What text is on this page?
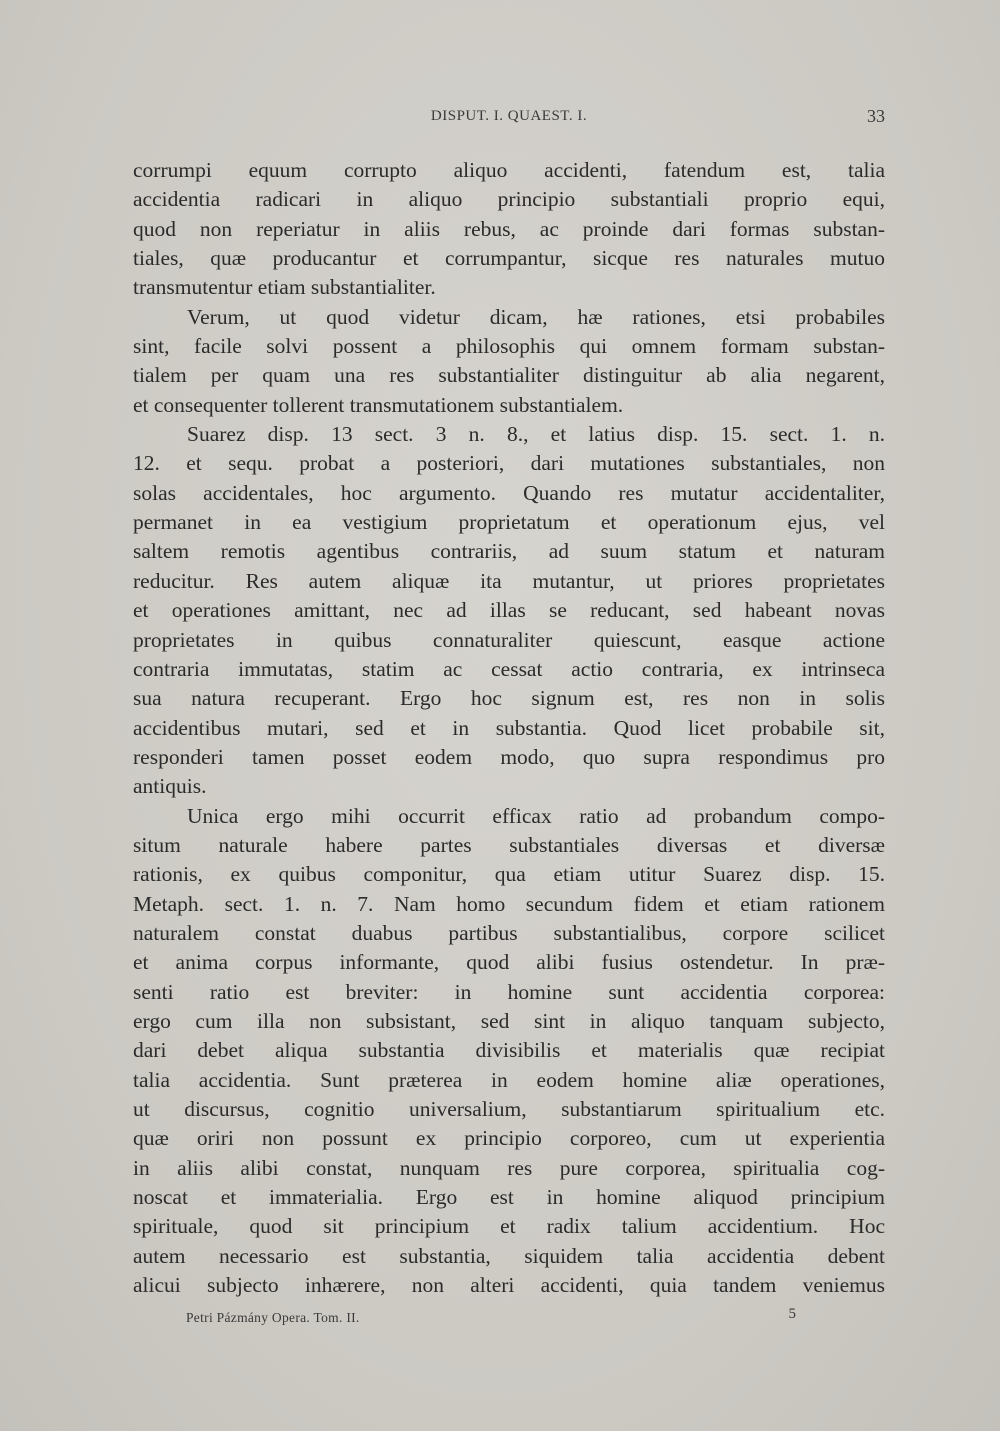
DISPUT. I. QUAEST. I.	33
corrumpi equum corrupto aliquo accidenti, fatendum est, talia
accidentia radicari in aliquo principio substantiali proprio equi,
quod non reperiatur in aliis rebus, ac proinde dari formas substan-
tiales, quæ producantur et corrumpantur, sicque res naturales mutuo
transmutentur etiam substantialiter.
Verum, ut quod videtur dicam, hæ rationes, etsi probabiles
sint, facile solvi possent a philosophis qui omnem formam substan-
tialem per quam una res substantialiter distinguitur ab alia negarent,
et consequenter tollerent transmutationem substantialem.
Suarez disp. 13 sect. 3 n. 8., et latius disp. 15. sect. 1. n.
12. et sequ. probat a posteriori, dari mutationes substantiales, non
solas accidentales, hoc argumento. Quando res mutatur accidentaliter,
permanet in ea vestigium proprietatum et operationum ejus, vel
saltem remotis agentibus contrariis, ad suum statum et naturam
reducitur. Res autem aliquæ ita mutantur, ut priores proprietates
et operationes amittant, nec ad illas se reducant, sed habeant novas
proprietates in quibus connaturaliter quiescunt, easque actione
contraria immutatas, statim ac cessat actio contraria, ex intrinseca
sua natura recuperant. Ergo hoc signum est, res non in solis
accidentibus mutari, sed et in substantia. Quod licet probabile sit,
responderi tamen posset eodem modo, quo supra respondimus pro
antiquis.
Unica ergo mihi occurrit efficax ratio ad probandum compo-
situm naturale habere partes substantiales diversas et diversæ
rationis, ex quibus componitur, qua etiam utitur Suarez disp. 15.
Metaph. sect. 1. n. 7. Nam homo secundum fidem et etiam rationem
naturalem constat duabus partibus substantialibus, corpore scilicet
et anima corpus informante, quod alibi fusius ostendetur. In præ-
senti ratio est breviter: in homine sunt accidentia corporea:
ergo cum illa non subsistant, sed sint in aliquo tanquam subjecto,
dari debet aliqua substantia divisibilis et materialis quæ recipiat
talia accidentia. Sunt præterea in eodem homine aliæ operationes,
ut discursus, cognitio universalium, substantiarum spiritualium etc.
quæ oriri non possunt ex principio corporeo, cum ut experientia
in aliis alibi constat, nunquam res pure corporea, spiritualia cog-
noscat et immaterialia. Ergo est in homine aliquod principium
spirituale, quod sit principium et radix talium accidentium. Hoc
autem necessario est substantia, siquidem talia accidentia debent
alicui subjecto inhærere, non alteri accidenti, quia tandem veniemus
Petri Pázmány Opera. Tom. II.	5
